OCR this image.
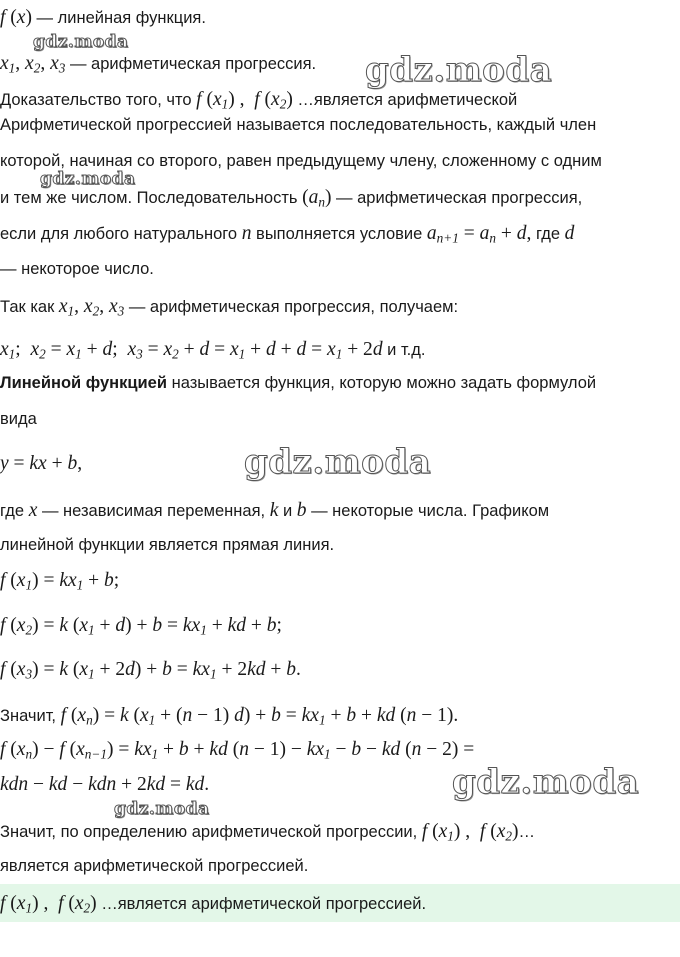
gdz.moda
gdz.moda
gdz.moda
gdz.moda
gdz.moda
gdz.moda
f (x) — линейная функция.
$x_1$, $x_2$, $x_3$ — арифметическая прогрессия.
Доказательство того, что f $(x_1)$ ,  f $(x_2)$ …является арифметической
Арифметической прогрессией называется последовательность, каждый член
которой, начиная со второго, равен предыдущему члену, сложенному с одним
и тем же числом. Последовательность $(a_n)$ — арифметическая прогрессия,
если для любого натурального n выполняется условие $a_{n+1} = a_n + d$, где d
— некоторое число.
Так как $x_1$, $x_2$, $x_3$ — арифметическая прогрессия, получаем:
$x_1$;  $x_2 = x_1 + d$;  $x_3 = x_2 + d = x_1 + d + d = x_1 + 2d$ и т.д.
Линейной функцией называется функция, которую можно задать формулой
вида
y = kx + b,
где x — независимая переменная, k и b — некоторые числа. Графиком
линейной функции является прямая линия.
f $(x_1) = kx_1 + b$;
f $(x_2) = k$ $(x_1 + d) + b = kx_1$ + kd + b;
f $(x_3) = k$ $(x_1 + 2d) + b = kx_1 + 2kd + b$.
Значит, f $(x_n) = k$ $(x_1 + (n - 1) d) + b = kx_1 + b$ + kd (n − 1).
f $(x_n) - f$ $(x_{n-1}) = kx_1 + b$ + kd $(n - 1) - kx_1 - b$ − kd (n − 2) =
kdn − kd − kdn + 2kd = kd.
Значит, по определению арифметической прогрессии, f $(x_1)$ ,  f $(x_2)\dots$
является арифметической прогрессией.
f $(x_1)$ ,  f $(x_2)$ …является арифметической прогрессией.
